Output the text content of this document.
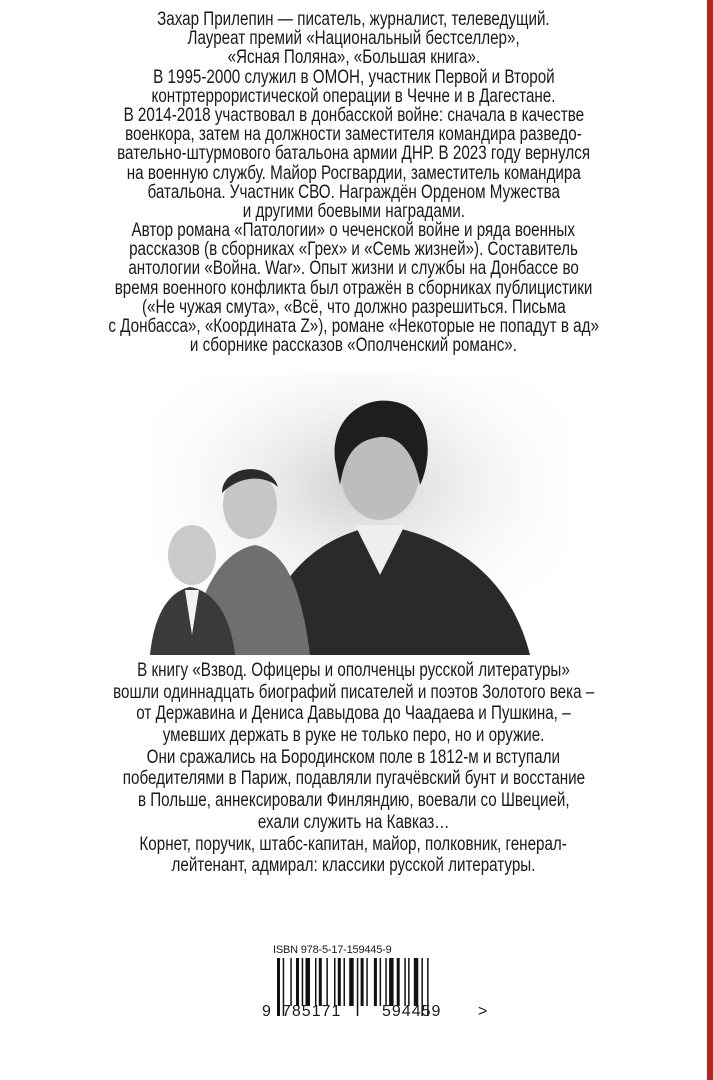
Захар Прилепин — писатель, журналист, телеведущий.
Лауреат премий «Национальный бестселлер»,
«Ясная Поляна», «Большая книга».
В 1995-2000 служил в ОМОН, участник Первой и Второй
контртеррористической операции в Чечне и в Дагестане.
В 2014-2018 участвовал в донбасской войне: сначала в качестве
военкора, затем на должности заместителя командира разведо-
вательно-штурмового батальона армии ДНР. В 2023 году вернулся
на военную службу. Майор Росгвардии, заместитель командира
батальона. Участник СВО. Награждён Орденом Мужества
и другими боевыми наградами.
Автор романа «Патологии» о чеченской войне и ряда военных
рассказов (в сборниках «Грех» и «Семь жизней»). Составитель
антологии «Война. War». Опыт жизни и службы на Донбассе во
время военного конфликта был отражён в сборниках публицистики
(«Не чужая смута», «Всё, что должно разрешиться. Письма
с Донбасса», «Координата Z»), романе «Некоторые не попадут в ад»
и сборнике рассказов «Ополченский романс».
В книгу «Взвод. Офицеры и ополченцы русской литературы»
вошли одиннадцать биографий писателей и поэтов Золотого века –
от Державина и Дениса Давыдова до Чаадаева и Пушкина, –
умевших держать в руке не только перо, но и оружие.
Они сражались на Бородинском поле в 1812-м и вступали
победителями в Париж, подавляли пугачёвский бунт и восстание
в Польше, аннексировали Финляндию, воевали со Швецией,
ехали служить на Кавказ…
Корнет, поручик, штабс-капитан, майор, полковник, генерал-
лейтенант, адмирал: классики русской литературы.
ISBN 978-5-17-159445-9
9 785171	594459 >
